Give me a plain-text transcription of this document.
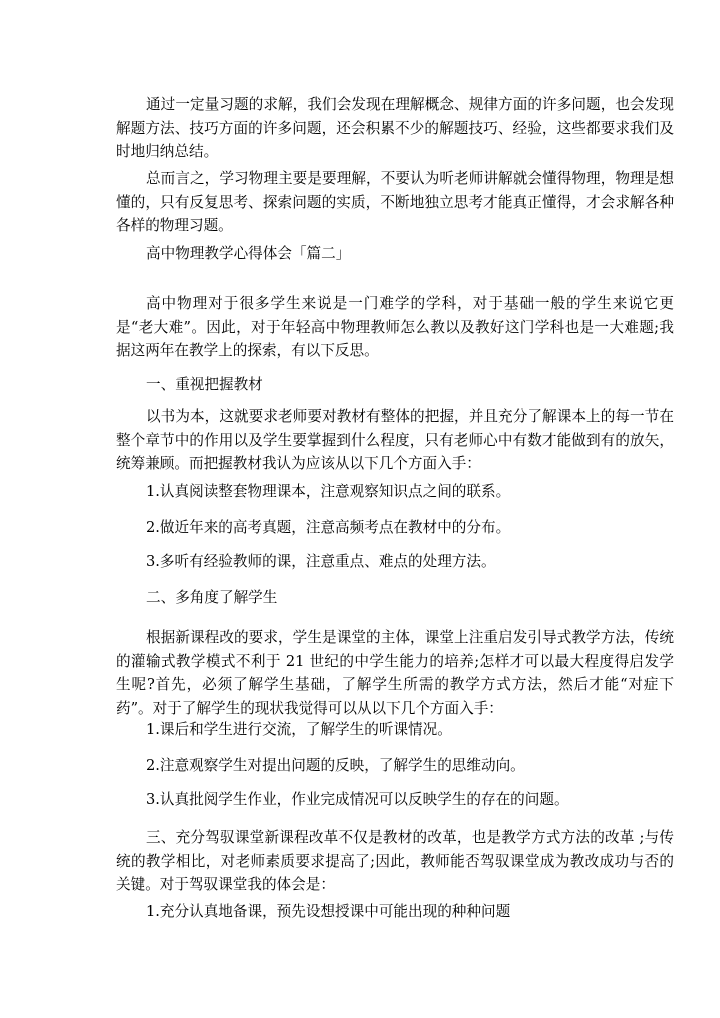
通过一定量习题的求解，我们会发现在理解概念、规律方面的许多问题，也会发现解题方法、技巧方面的许多问题，还会积累不少的解题技巧、经验，这些都要求我们及时地归纳总结。

总而言之，学习物理主要是要理解，不要认为听老师讲解就会懂得物理，物理是想懂的，只有反复思考、探索问题的实质，不断地独立思考才能真正懂得，才会求解各种各样的物理习题。

高中物理教学心得体会「篇二」

高中物理对于很多学生来说是一门难学的学科，对于基础一般的学生来说它更是“老大难”。因此，对于年轻高中物理教师怎么教以及教好这门学科也是一大难题;我据这两年在教学上的探索，有以下反思。

一、重视把握教材

以书为本，这就要求老师要对教材有整体的把握，并且充分了解课本上的每一节在整个章节中的作用以及学生要掌握到什么程度，只有老师心中有数才能做到有的放矢，统筹兼顾。而把握教材我认为应该从以下几个方面入手：

1.认真阅读整套物理课本，注意观察知识点之间的联系。

2.做近年来的高考真题，注意高频考点在教材中的分布。

3.多听有经验教师的课，注意重点、难点的处理方法。

二、多角度了解学生

根据新课程改的要求，学生是课堂的主体，课堂上注重启发引导式教学方法，传统的灌输式教学模式不利于 21 世纪的中学生能力的培养;怎样才可以最大程度得启发学生呢?首先，必须了解学生基础，了解学生所需的教学方式方法，然后才能“对症下药”。对于了解学生的现状我觉得可以从以下几个方面入手：

1.课后和学生进行交流，了解学生的听课情况。

2.注意观察学生对提出问题的反映，了解学生的思维动向。

3.认真批阅学生作业，作业完成情况可以反映学生的存在的问题。

三、充分驾驭课堂新课程改革不仅是教材的改革，也是教学方式方法的改革 ;与传统的教学相比，对老师素质要求提高了;因此，教师能否驾驭课堂成为教改成功与否的关键。对于驾驭课堂我的体会是：

1.充分认真地备课，预先设想授课中可能出现的种种问题
